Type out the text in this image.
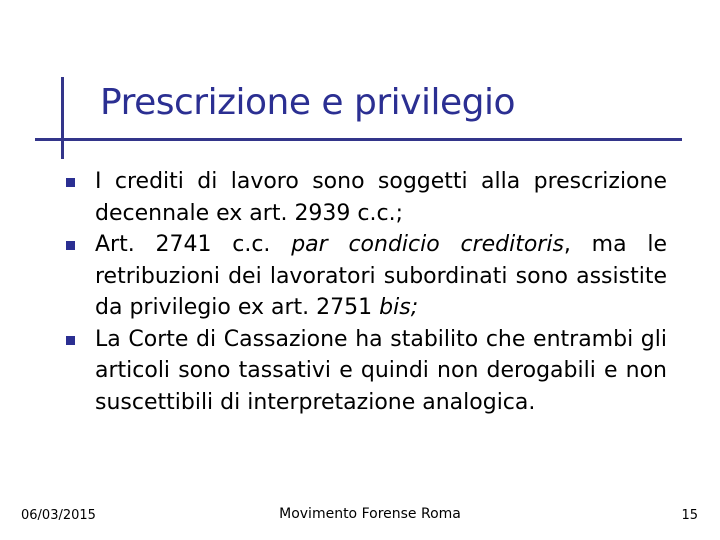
Prescrizione e privilegio
I crediti di lavoro sono soggetti alla prescrizione decennale ex art. 2939 c.c.;
Art. 2741 c.c. par condicio creditoris, ma le retribuzioni dei lavoratori subordinati sono assistite da privilegio ex art. 2751 bis;
La Corte di Cassazione ha stabilito che entrambi gli articoli sono tassativi e quindi non derogabili e non suscettibili di interpretazione analogica.
06/03/2015	Movimento Forense Roma	15
